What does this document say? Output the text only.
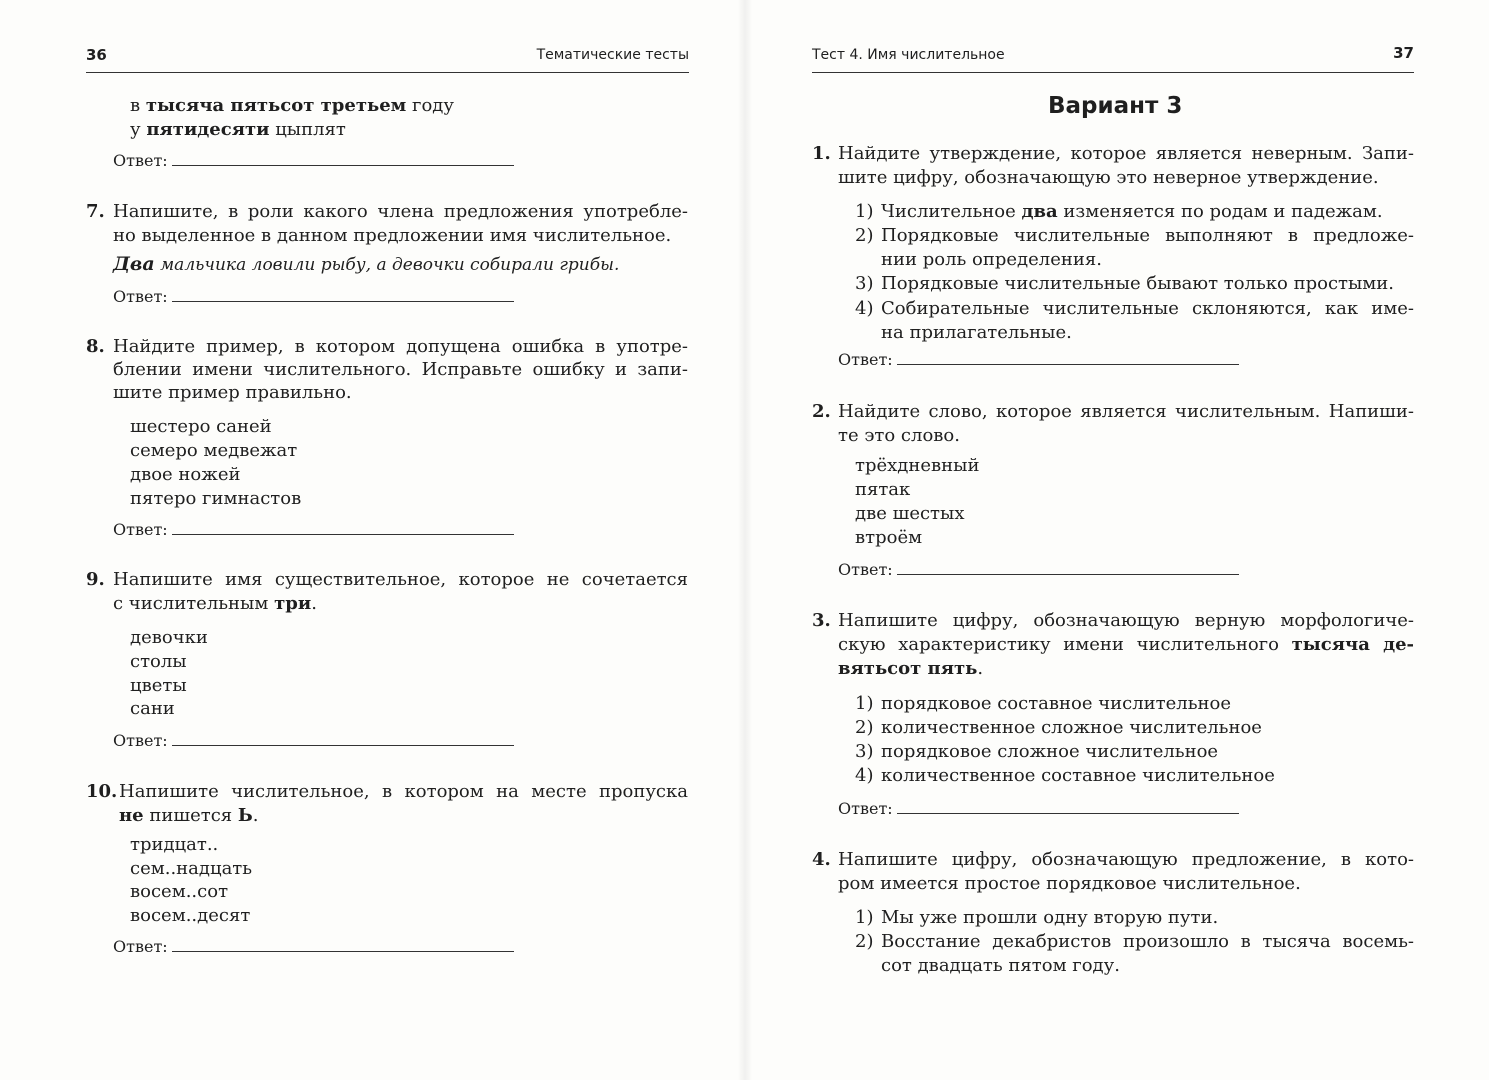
36	Тематические тесты
в тысяча пятьсот третьем году
у пятидесяти цыплят
Ответ:
7. Напишите, в роли какого члена предложения употребле-
но выделенное в данном предложении имя числительное.
Два мальчика ловили рыбу, а девочки собирали грибы.
Ответ:
8. Найдите пример, в котором допущена ошибка в употре-
блении имени числительного. Исправьте ошибку и запи-
шите пример правильно.
шестеро саней
семеро медвежат
двое ножей
пятеро гимнастов
Ответ:
9. Напишите имя существительное, которое не сочетается
с числительным три.
девочки
столы
цветы
сани
Ответ:
10. Напишите числительное, в котором на месте пропуска
не пишется Ь.
тридцат..
сем..надцать
восем..сот
восем..десят
Ответ:
Тест 4. Имя числительное	37
Вариант 3
1. Найдите утверждение, которое является неверным. Запи-
шите цифру, обозначающую это неверное утверждение.
1) Числительное два изменяется по родам и падежам.
2) Порядковые числительные выполняют в предложе-
нии роль определения.
3) Порядковые числительные бывают только простыми.
4) Собирательные числительные склоняются, как име-
на прилагательные.
Ответ:
2. Найдите слово, которое является числительным. Напиши-
те это слово.
трёхдневный
пятак
две шестых
втроём
Ответ:
3. Напишите цифру, обозначающую верную морфологиче-
скую характеристику имени числительного тысяча де-
вятьсот пять.
1) порядковое составное числительное
2) количественное сложное числительное
3) порядковое сложное числительное
4) количественное составное числительное
Ответ:
4. Напишите цифру, обозначающую предложение, в кото-
ром имеется простое порядковое числительное.
1) Мы уже прошли одну вторую пути.
2) Восстание декабристов произошло в тысяча восемь-
сот двадцать пятом году.
